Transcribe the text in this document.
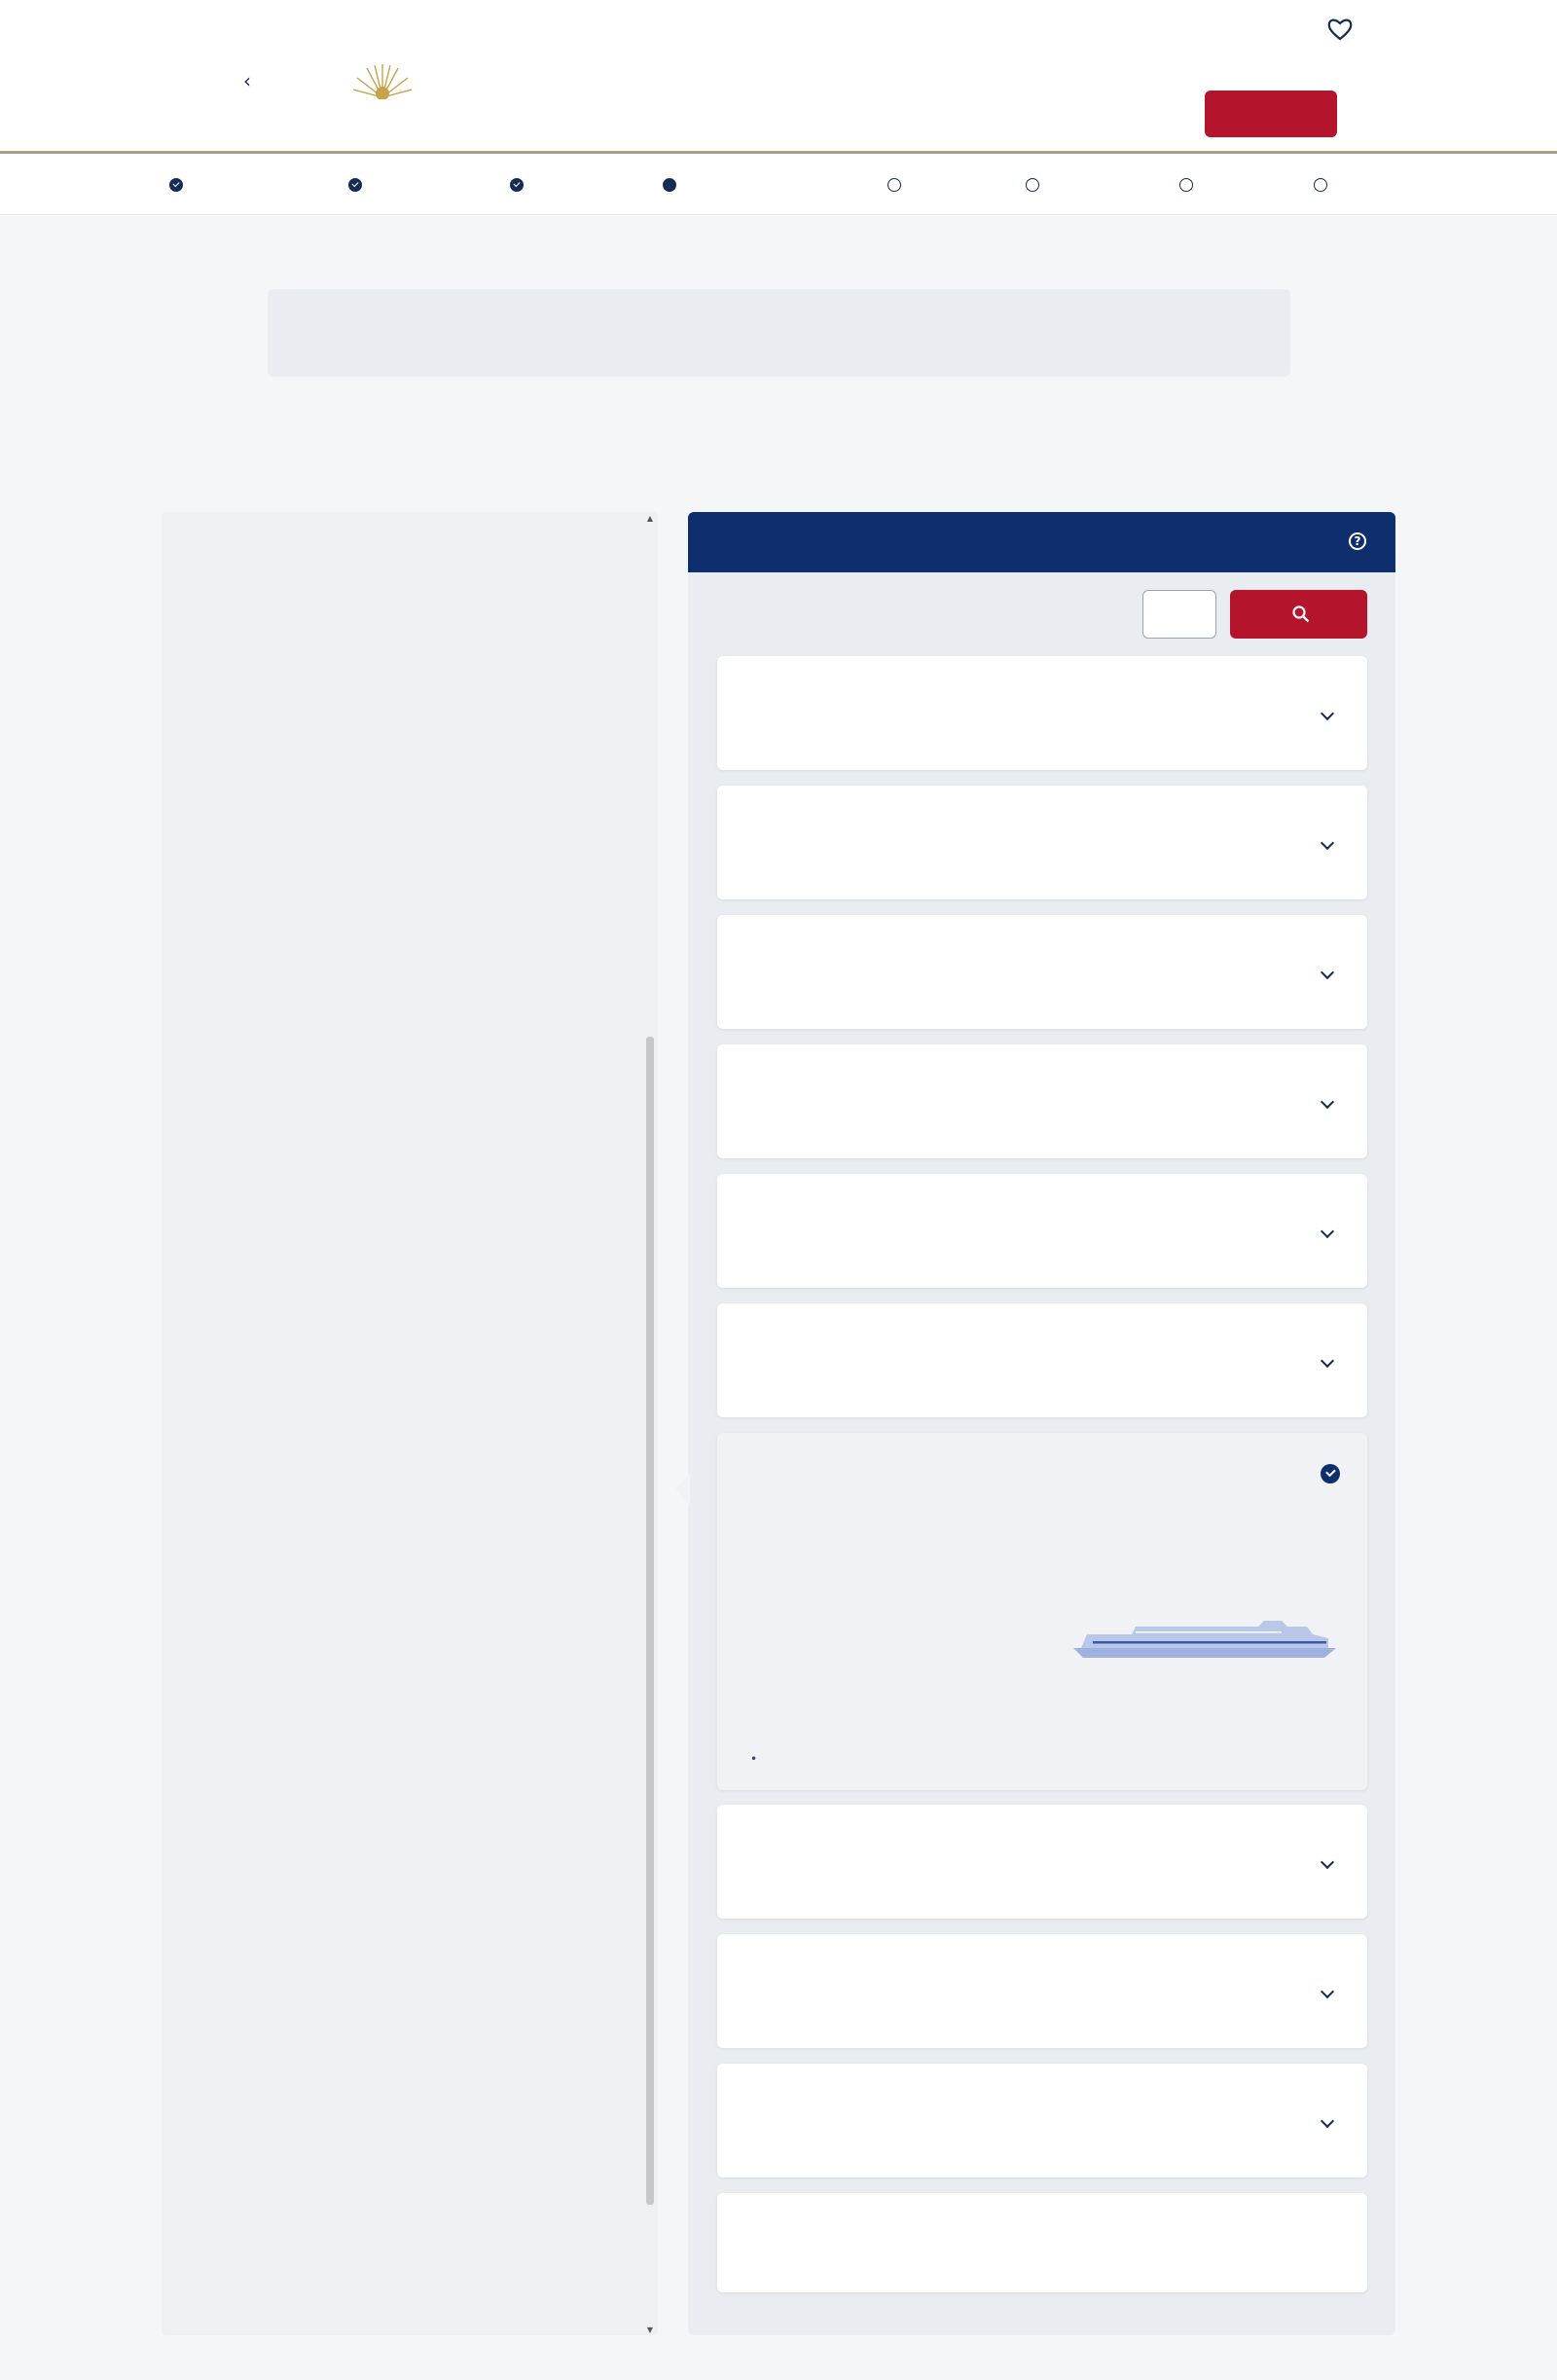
‹
▲
▼
?
•
